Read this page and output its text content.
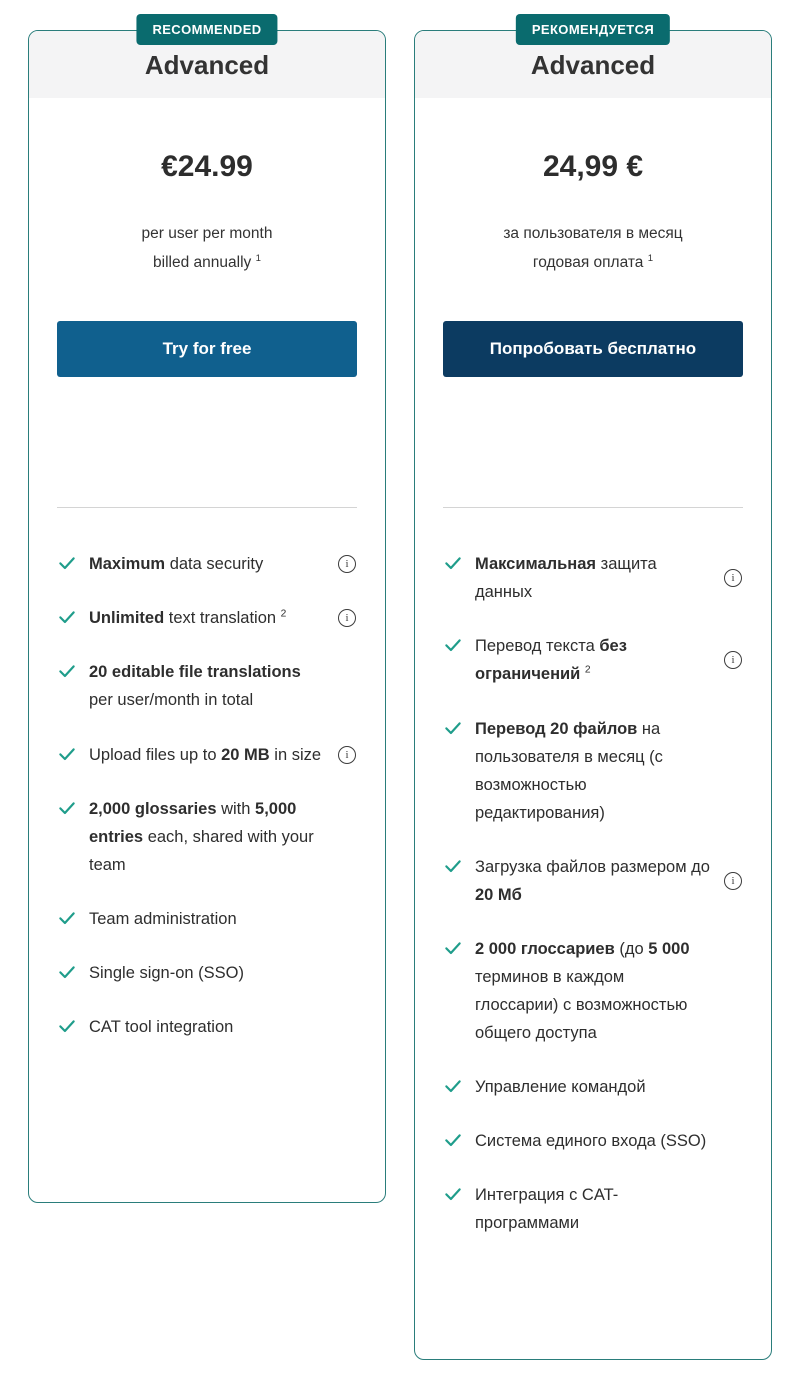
RECOMMENDED
Advanced
€24.99
per user per month
billed annually $^1$
Try for free
Maximum data security	i
Unlimited text translation $^2$	i
20 editable file translations per user/month in total
Upload files up to 20 MB in size	i
2,000 glossaries with 5,000 entries each, shared with your team
Team administration
Single sign-on (SSO)
CAT tool integration
РЕКОМЕНДУЕТСЯ
Advanced
24,99 €
за пользователя в месяц
годовая оплата $^1$
Попробовать бесплатно
Максимальная защита данных
i
Перевод текста без ограничений $^2$
i
Перевод 20 файлов на пользователя в месяц (с возможностью редактирования)
Загрузка файлов размером до 20 Мб
i
2 000 глоссариев (до 5 000 терминов в каждом глоссарии) с возможностью общего доступа
Управление командой
Система единого входа (SSO)
Интеграция с CAT-программами
